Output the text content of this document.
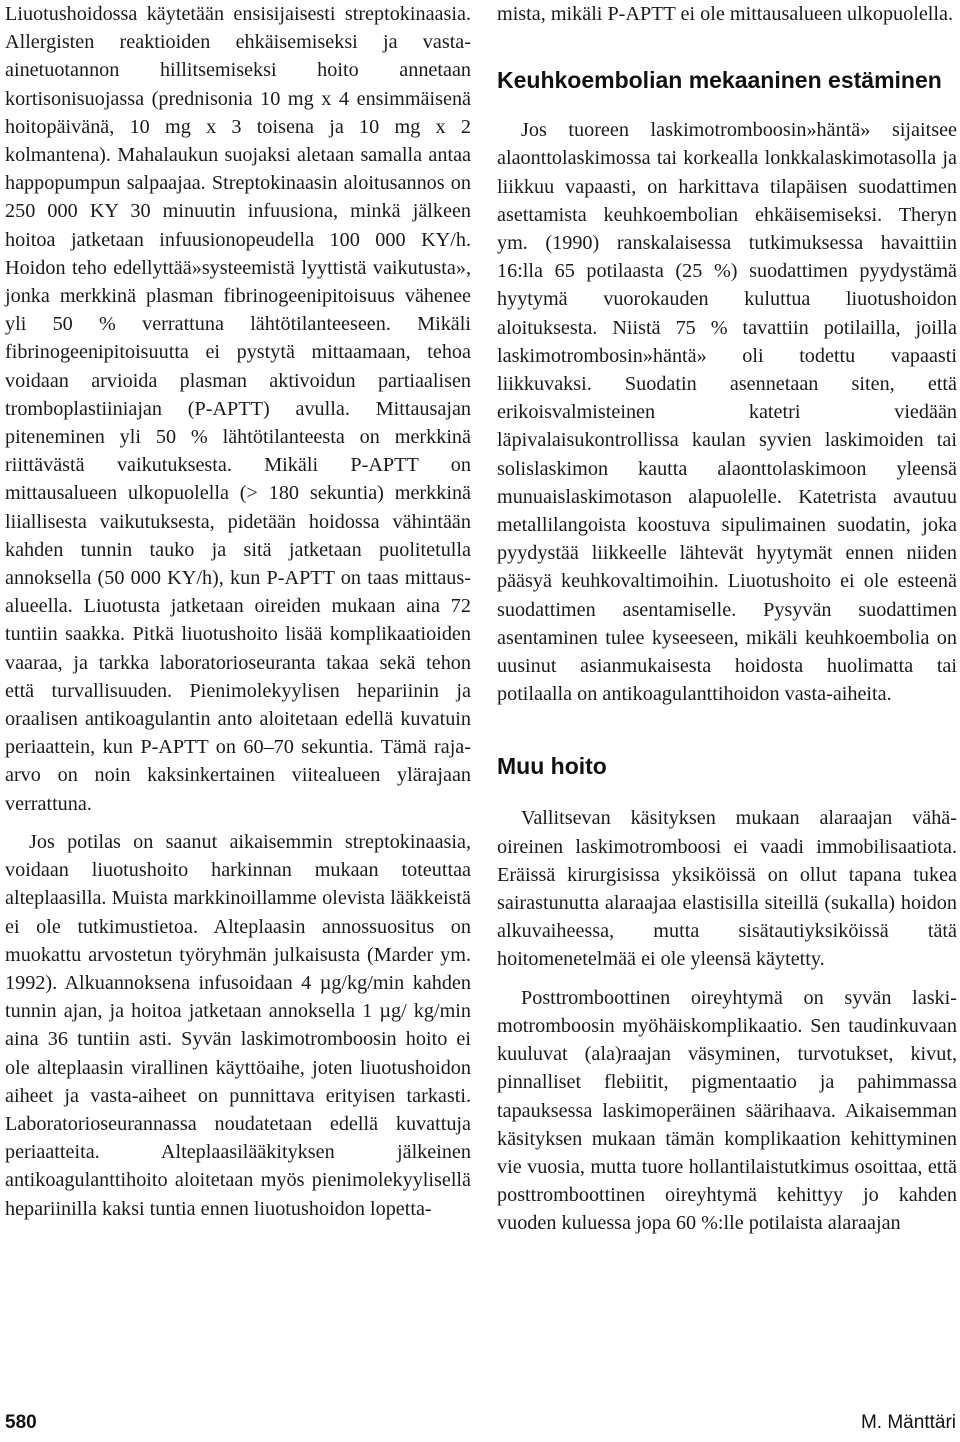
Liuotushoidossa käytetään ensisijaisesti streptokinaasia. Allergisten reaktioiden ehkäisemiseksi ja vasta-ainetuotannon hillitsemiseksi hoito annetaan kortisonisuojassa (prednisonia 10 mg x 4 ensimmäisenä hoitopäivänä, 10 mg x 3 toisena ja 10 mg x 2 kolmantena). Mahalaukun suojaksi aletaan samalla antaa happopumpun salpaajaa. Streptokinaasin aloitusannos on 250 000 KY 30 minuutin infuusiona, minkä jälkeen hoitoa jatketaan infuusionopeudella 100 000 KY/h. Hoidon teho edellyttää»systeemistä lyyttistä vaikutusta», jonka merkkinä plasman fibrinogeenipitoisuus vähenee yli 50 % verrattuna lähtötilanteeseen. Mikäli fibrinogeenipitoisuutta ei pystytä mittaamaan, tehoa voidaan arvioida plasman aktivoidun partiaalisen tromboplastiiniajan (P-APTT) avulla. Mittausajan piteneminen yli 50 % lähtötilanteesta on merkkinä riittävästä vaikutuksesta. Mikäli P-APTT on mittausalueen ulkopuolella (> 180 sekuntia) merkkinä liiallisesta vaikutuksesta, pidetään hoidossa vähintään kahden tunnin tauko ja sitä jatketaan puolitetulla annoksella (50 000 KY/h), kun P-APTT on taas mittausalueella. Liuotusta jatketaan oireiden mukaan aina 72 tuntiin saakka. Pitkä liuotushoito lisää komplikaatioiden vaaraa, ja tarkka laboratorioseuranta takaa sekä tehon että turvallisuuden. Pienimolekyylisen hepariinin ja oraalisen antikoagulantin anto aloitetaan edellä kuvatuin periaattein, kun P-APTT on 60–70 sekuntia. Tämä raja-arvo on noin kaksinkertainen viitealueen ylärajaan verrattuna.

Jos potilas on saanut aikaisemmin streptokinaasia, voidaan liuotushoito harkinnan mukaan toteuttaa alteplaasilla. Muista markkinoillamme olevista lääkkeistä ei ole tutkimustietoa. Alteplaasin annossuositus on muokattu arvostetun työryhmän julkaisusta (Marder ym. 1992). Alkuannoksena infusoidaan 4 µg/kg/min kahden tunnin ajan, ja hoitoa jatketaan annoksella 1 µg/ kg/min aina 36 tuntiin asti. Syvän laskimotromboosin hoito ei ole alteplaasin virallinen käyttöaihe, joten liuotushoidon aiheet ja vasta-aiheet on punnittava erityisen tarkasti. Laboratorioseurannassa noudatetaan edellä kuvattuja periaatteita. Alteplaasilääkityksen jälkeinen antikoagulanttihoito aloitetaan myös pienimolekyylisellä hepariinilla kaksi tuntia ennen liuotushoidon lopetta-

mista, mikäli P-APTT ei ole mittausalueen ulkopuolella.

Keuhkoembolian mekaaninen estäminen

Jos tuoreen laskimotromboosin»häntä» sijaitsee alaonttolaskimossa tai korkealla lonkkalaskimotasolla ja liikkuu vapaasti, on harkittava tilapäisen suodattimen asettamista keuhkoembolian ehkäisemiseksi. Theryn ym. (1990) ranskalaisessa tutkimuksessa havaittiin 16:lla 65 potilaasta (25 %) suodattimen pyydystämä hyytymä vuorokauden kuluttua liuotushoidon aloituksesta. Niistä 75 % tavattiin potilailla, joilla laskimotrombosin»häntä» oli todettu vapaasti liikkuvaksi. Suodatin asennetaan siten, että erikoisvalmisteinen katetri viedään läpivalaisukontrollissa kaulan syvien laskimoiden tai solislaskimon kautta alaonttolaskimoon yleensä munuaislaskimotason alapuolelle. Katetrista avautuu metallilangoista koostuva sipulimainen suodatin, joka pyydystää liikkeelle lähtevät hyytymät ennen niiden pääsyä keuhkovaltimoihin. Liuotushoito ei ole esteenä suodattimen asentamiselle. Pysyvän suodattimen asentaminen tulee kyseeseen, mikäli keuhkoembolia on uusinut asianmukaisesta hoidosta huolimatta tai potilaalla on antikoagulanttihoidon vasta-aiheita.

Muu hoito

Vallitsevan käsityksen mukaan alaraajan vähäoireinen laskimotromboosi ei vaadi immobilisaatiota. Eräissä kirurgisissa yksiköissä on ollut tapana tukea sairastunutta alaraajaa elastisilla siteillä (sukalla) hoidon alkuvaiheessa, mutta sisätautiyksiköissä tätä hoitomenetelmää ei ole yleensä käytetty.

Posttromboottinen oireyhtymä on syvän laskimotromboosin myöhäiskomplikaatio. Sen taudinkuvaan kuuluvat (ala)raajan väsyminen, turvotukset, kivut, pinnalliset flebiitit, pigmentaatio ja pahimmassa tapauksessa laskimoperäinen säärihaava. Aikaisemman käsityksen mukaan tämän komplikaation kehittyminen vie vuosia, mutta tuore hollantilaistutkimus osoittaa, että posttromboottinen oireyhtymä kehittyy jo kahden vuoden kuluessa jopa 60 %:lle potilaista alaraajan

580	M. Mänttäri
